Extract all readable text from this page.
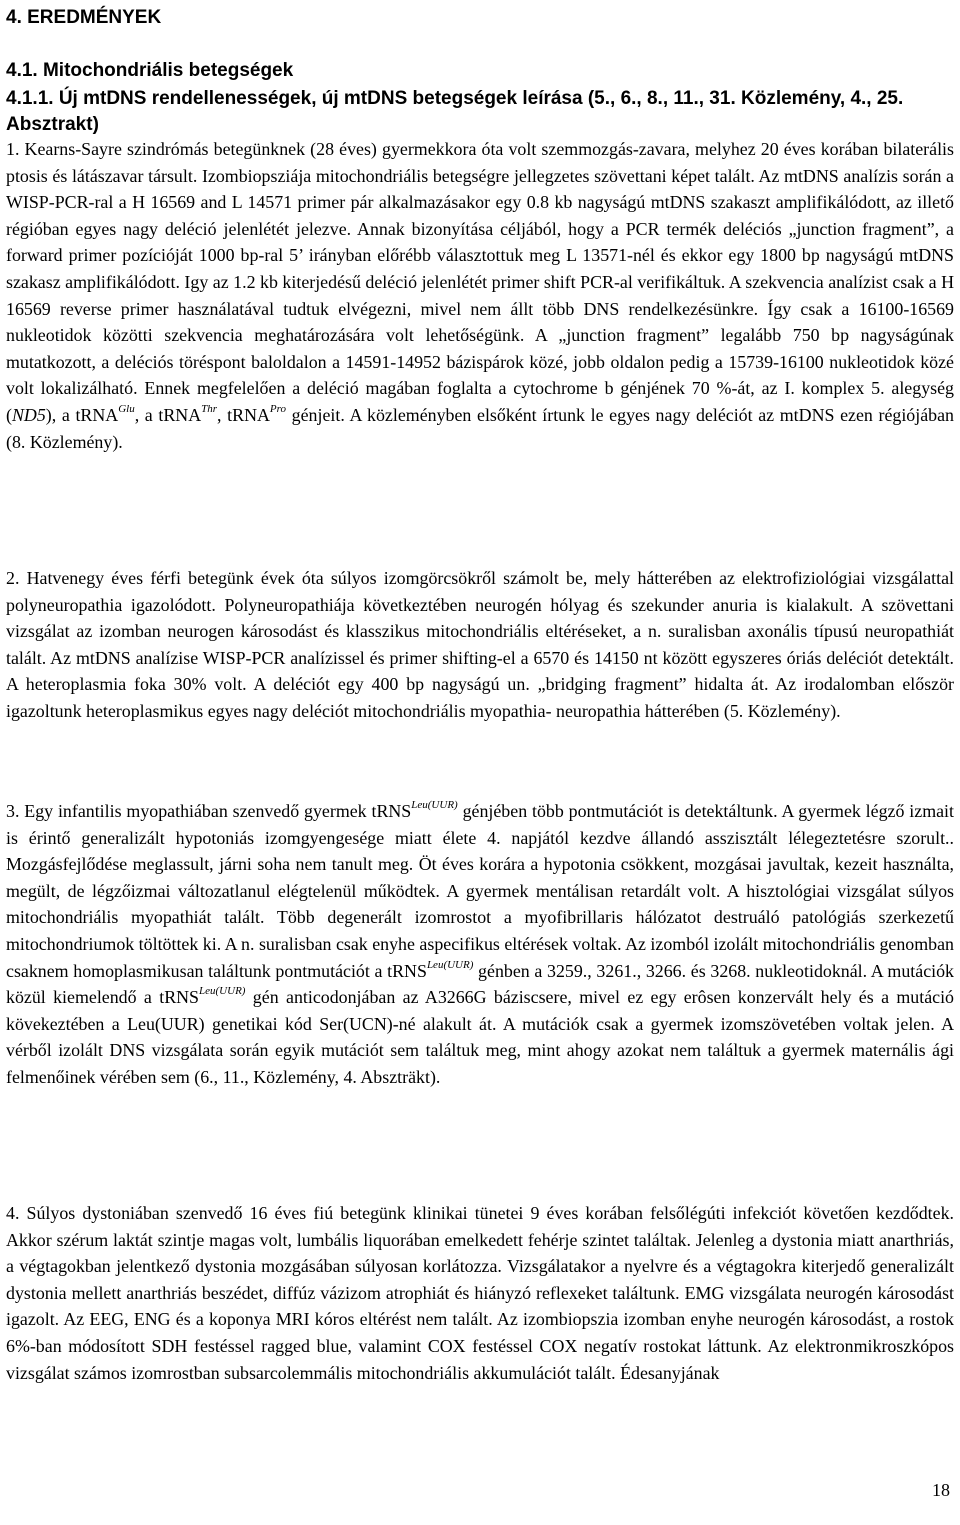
4. EREDMÉNYEK
4.1. Mitochondriális betegségek
4.1.1. Új mtDNS rendellenességek, új mtDNS betegségek leírása (5., 6., 8., 11., 31. Közlemény, 4., 25. Absztrakt)

1. Kearns-Sayre szindrómás betegünknek (28 éves) gyermekkora óta volt szemmozgás-zavara, melyhez 20 éves korában bilaterális ptosis és látászavar társult. Izombiopsziája mitochondriális betegségre jellegzetes szövettani képet talált. Az mtDNS analízis során a WISP-PCR-ral a H 16569 and L 14571 primer pár alkalmazásakor egy 0.8 kb nagyságú mtDNS szakaszt amplifikálódott, az illető régióban egyes nagy deléció jelenlétét jelezve. Annak bizonyítása céljából, hogy a PCR termék deléciós „junction fragment”, a forward primer pozícióját 1000 bp-ral 5’ irányban előrébb választottuk meg L 13571-nél és ekkor egy 1800 bp nagyságú mtDNS szakasz amplifikálódott. Igy az 1.2 kb kiterjedésű deléció jelenlétét primer shift PCR-al verifikáltuk. A szekvencia analízist csak a H 16569 reverse primer használatával tudtuk elvégezni, mivel nem állt több DNS rendelkezésünkre. Így csak a 16100-16569 nukleotidok közötti szekvencia meghatározására volt lehetőségünk. A „junction fragment” legalább 750 bp nagyságúnak mutatkozott, a deléciós töréspont baloldalon a 14591-14952 bázispárok közé, jobb oldalon pedig a 15739-16100 nukleotidok közé volt lokalizálható. Ennek megfelelően a deléció magában foglalta a cytochrome b génjének 70 %-át, az I. komplex 5. alegység (ND5), a tRNA$^{Glu}$, a tRNA$^{Thr}$, tRNA$^{Pro}$ génjeit. A közleményben elsőként írtunk le egyes nagy deléciót az mtDNS ezen régiójában (8. Közlemény).

2. Hatvenegy éves férfi betegünk évek óta súlyos izomgörcsökről számolt be, mely hátterében az elektrofiziológiai vizsgálattal polyneuropathia igazolódott. Polyneuropathiája következtében neurogén hólyag és szekunder anuria is kialakult. A szövettani vizsgálat az izomban neurogen károsodást és klasszikus mitochondriális eltéréseket, a n. suralisban axonális típusú neuropathiát talált. Az mtDNS analízise WISP-PCR analízissel és primer shifting-el a 6570 és 14150 nt között egyszeres óriás deléciót detektált. A heteroplasmia foka 30% volt. A deléciót egy 400 bp nagyságú un. „bridging fragment” hidalta át. Az irodalomban először igazoltunk heteroplasmikus egyes nagy deléciót mitochondriális myopathia- neuropathia hátterében (5. Közlemény).

3. Egy infantilis myopathiában szenvedő gyermek tRNS$^{Leu(UUR)}$ génjében több pontmutációt is detektáltunk. A gyermek légző izmait is érintő generalizált hypotoniás izomgyengesége miatt élete 4. napjától kezdve állandó asszisztált lélegeztetésre szorult.. Mozgásfejlődése meglassult, járni soha nem tanult meg. Öt éves korára a hypotonia csökkent, mozgásai javultak, kezeit használta, megült, de légzőizmai változatlanul elégtelenül működtek. A gyermek mentálisan retardált volt. A hisztológiai vizsgálat súlyos mitochondriális myopathiát talált. Több degenerált izomrostot a myofibrillaris hálózatot destruáló patológiás szerkezetű mitochondriumok töltöttek ki. A n. suralisban csak enyhe aspecifikus eltérések voltak. Az izomból izolált mitochondriális genomban csaknem homoplasmikusan találtunk pontmutációt a tRNS$^{Leu(UUR)}$ génben a 3259., 3261., 3266. és 3268. nukleotidoknál. A mutációk közül kiemelendő a tRNS$^{Leu(UUR)}$ gén anticodonjában az A3266G báziscsere, mivel ez egy erôsen konzervált hely és a mutáció kövekeztében a Leu(UUR) genetikai kód Ser(UCN)-né alakult át. A mutációk csak a gyermek izomszövetében voltak jelen. A vérből izolált DNS vizsgálata során egyik mutációt sem találtuk meg, mint ahogy azokat nem találtuk a gyermek maternális ági felmenőinek vérében sem (6., 11., Közlemény, 4. Abszträkt).

4. Súlyos dystoniában szenvedő 16 éves fiú betegünk klinikai tünetei 9 éves korában felsőlégúti infekciót követően kezdődtek. Akkor szérum laktát szintje magas volt, lumbális liquorában emelkedett fehérje szintet találtak. Jelenleg a dystonia miatt anarthriás, a végtagokban jelentkező dystonia mozgásában súlyosan korlátozza. Vizsgálatakor a nyelvre és a végtagokra kiterjedő generalizált dystonia mellett anarthriás beszédet, diffúz vázizom atrophiát és hiányzó reflexeket találtunk. EMG vizsgálata neurogén károsodást igazolt. Az EEG, ENG és a koponya MRI kóros eltérést nem talált. Az izombiopszia izomban enyhe neurogén károsodást, a rostok 6%-ban módosított SDH festéssel ragged blue, valamint COX festéssel COX negatív rostokat láttunk. Az elektronmikroszkópos vizsgálat számos izomrostban subsarcolemmális mitochondriális akkumulációt talált. Édesanyjának

18
